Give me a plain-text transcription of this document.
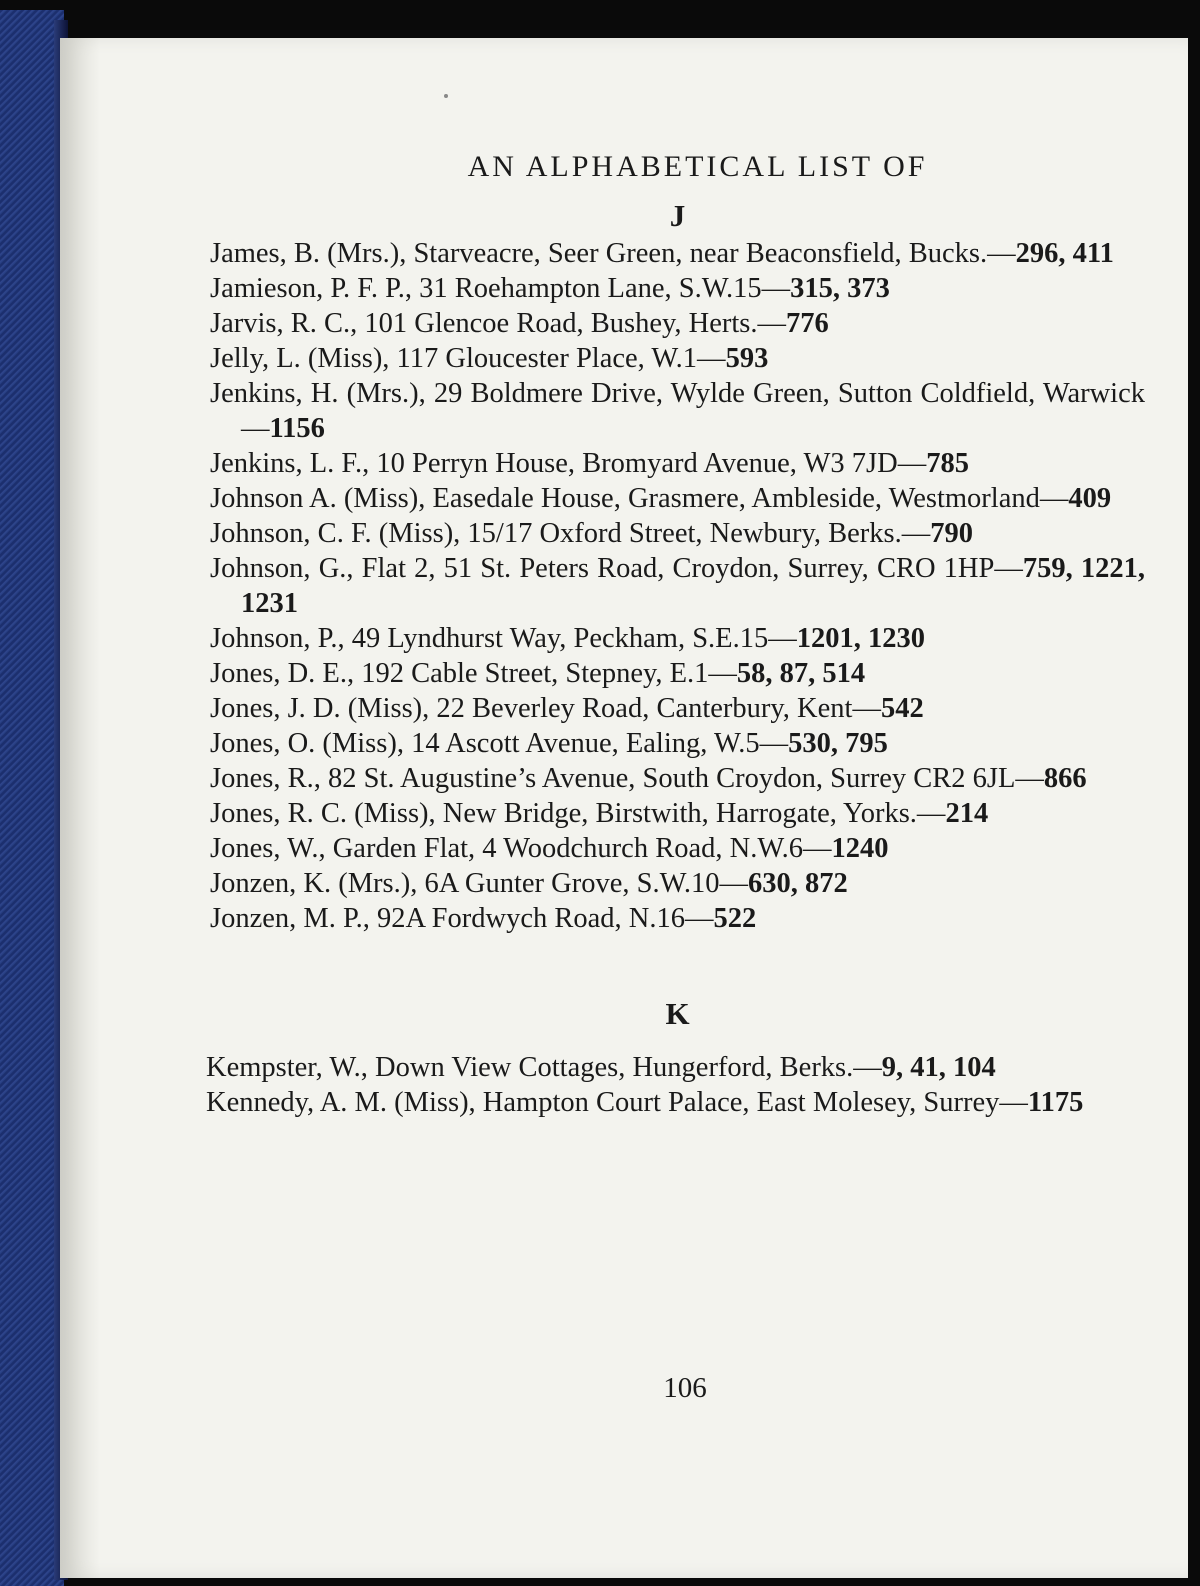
AN ALPHABETICAL LIST OF
J
James, B. (Mrs.), Starveacre, Seer Green, near Beaconsfield, Bucks.—296, 411
Jamieson, P. F. P., 31 Roehampton Lane, S.W.15—315, 373
Jarvis, R. C., 101 Glencoe Road, Bushey, Herts.—776
Jelly, L. (Miss), 117 Gloucester Place, W.1—593
Jenkins, H. (Mrs.), 29 Boldmere Drive, Wylde Green, Sutton Coldfield, Warwick—1156
Jenkins, L. F., 10 Perryn House, Bromyard Avenue, W3 7JD—785
Johnson A. (Miss), Easedale House, Grasmere, Ambleside, Westmorland—409
Johnson, C. F. (Miss), 15/17 Oxford Street, Newbury, Berks.—790
Johnson, G., Flat 2, 51 St. Peters Road, Croydon, Surrey, CRO 1HP—759, 1221, 1231
Johnson, P., 49 Lyndhurst Way, Peckham, S.E.15—1201, 1230
Jones, D. E., 192 Cable Street, Stepney, E.1—58, 87, 514
Jones, J. D. (Miss), 22 Beverley Road, Canterbury, Kent—542
Jones, O. (Miss), 14 Ascott Avenue, Ealing, W.5—530, 795
Jones, R., 82 St. Augustine’s Avenue, South Croydon, Surrey CR2 6JL—866
Jones, R. C. (Miss), New Bridge, Birstwith, Harrogate, Yorks.—214
Jones, W., Garden Flat, 4 Woodchurch Road, N.W.6—1240
Jonzen, K. (Mrs.), 6A Gunter Grove, S.W.10—630, 872
Jonzen, M. P., 92A Fordwych Road, N.16—522
K
Kempster, W., Down View Cottages, Hungerford, Berks.—9, 41, 104
Kennedy, A. M. (Miss), Hampton Court Palace, East Molesey, Surrey—1175
106
